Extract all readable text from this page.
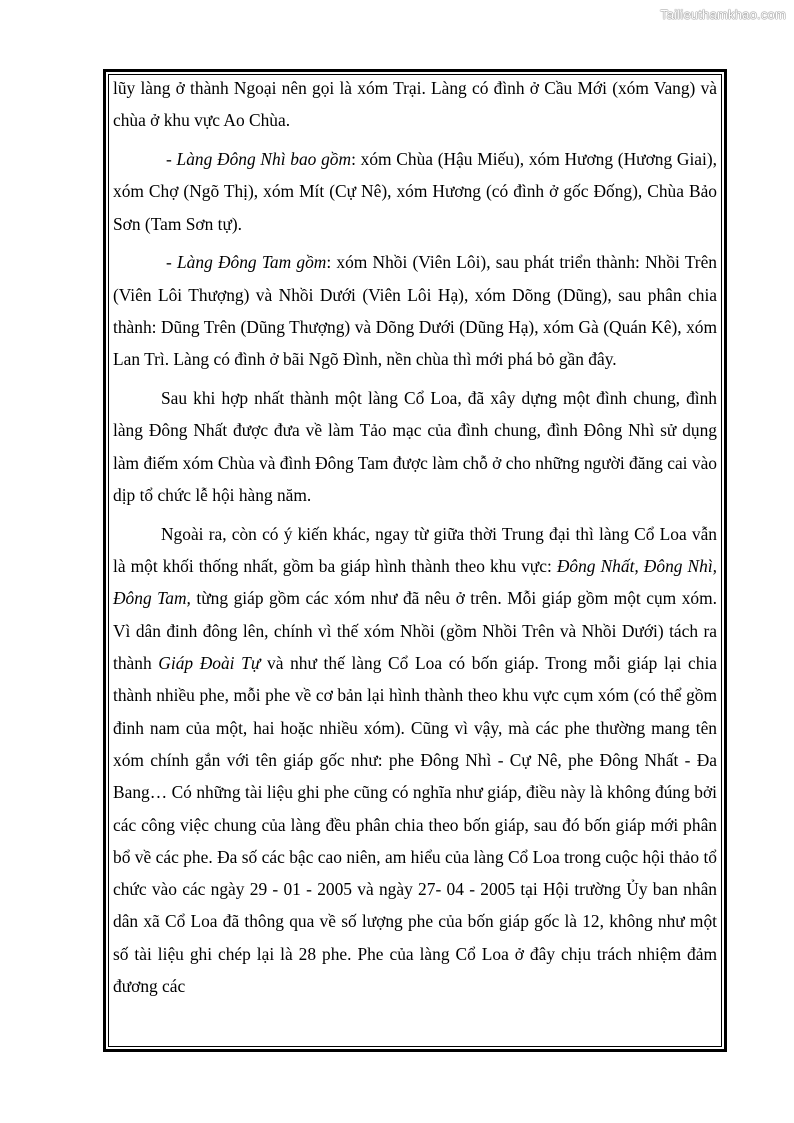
Tailieuthamkhao.com

lũy làng ở thành Ngoại nên gọi là xóm Trại. Làng có đình ở Cầu Mới (xóm Vang) và chùa ở khu vực Ao Chùa.

- Làng Đông Nhì bao gồm: xóm Chùa (Hậu Miếu), xóm Hương (Hương Giai), xóm Chợ (Ngõ Thị), xóm Mít (Cự Nê), xóm Hương (có đình ở gốc Đống), Chùa Bảo Sơn (Tam Sơn tự).

- Làng Đông Tam gồm: xóm Nhồi (Viên Lôi), sau phát triển thành: Nhồi Trên (Viên Lôi Thượng) và Nhồi Dưới (Viên Lôi Hạ), xóm Dõng (Dũng), sau phân chia thành: Dũng Trên (Dũng Thượng) và Dõng Dưới (Dũng Hạ), xóm Gà (Quán Kê), xóm Lan Trì. Làng có đình ở bãi Ngõ Đình, nền chùa thì mới phá bỏ gần đây.

Sau khi hợp nhất thành một làng Cổ Loa, đã xây dựng một đình chung, đình làng Đông Nhất được đưa về làm Tảo mạc của đình chung, đình Đông Nhì sử dụng làm điếm xóm Chùa và đình Đông Tam được làm chỗ ở cho những người đăng cai vào dịp tổ chức lễ hội hàng năm.

Ngoài ra, còn có ý kiến khác, ngay từ giữa thời Trung đại thì làng Cổ Loa vẫn là một khối thống nhất, gồm ba giáp hình thành theo khu vực: Đông Nhất, Đông Nhì, Đông Tam, từng giáp gồm các xóm như đã nêu ở trên. Mỗi giáp gồm một cụm xóm. Vì dân đinh đông lên, chính vì thế xóm Nhồi (gồm Nhồi Trên và Nhồi Dưới) tách ra thành Giáp Đoài Tự và như thế làng Cổ Loa có bốn giáp. Trong mỗi giáp lại chia thành nhiều phe, mỗi phe về cơ bản lại hình thành theo khu vực cụm xóm (có thể gồm đinh nam của một, hai hoặc nhiều xóm). Cũng vì vậy, mà các phe thường mang tên xóm chính gắn với tên giáp gốc như: phe Đông Nhì - Cự Nê, phe Đông Nhất - Đa Bang… Có những tài liệu ghi phe cũng có nghĩa như giáp, điều này là không đúng bởi các công việc chung của làng đều phân chia theo bốn giáp, sau đó bốn giáp mới phân bổ về các phe. Đa số các bậc cao niên, am hiểu của làng Cổ Loa trong cuộc hội thảo tổ chức vào các ngày 29 - 01 - 2005 và ngày 27- 04 - 2005 tại Hội trường Ủy ban nhân dân xã Cổ Loa đã thông qua về số lượng phe của bốn giáp gốc là 12, không như một số tài liệu ghi chép lại là 28 phe. Phe của làng Cổ Loa ở đây chịu trách nhiệm đảm đương các
